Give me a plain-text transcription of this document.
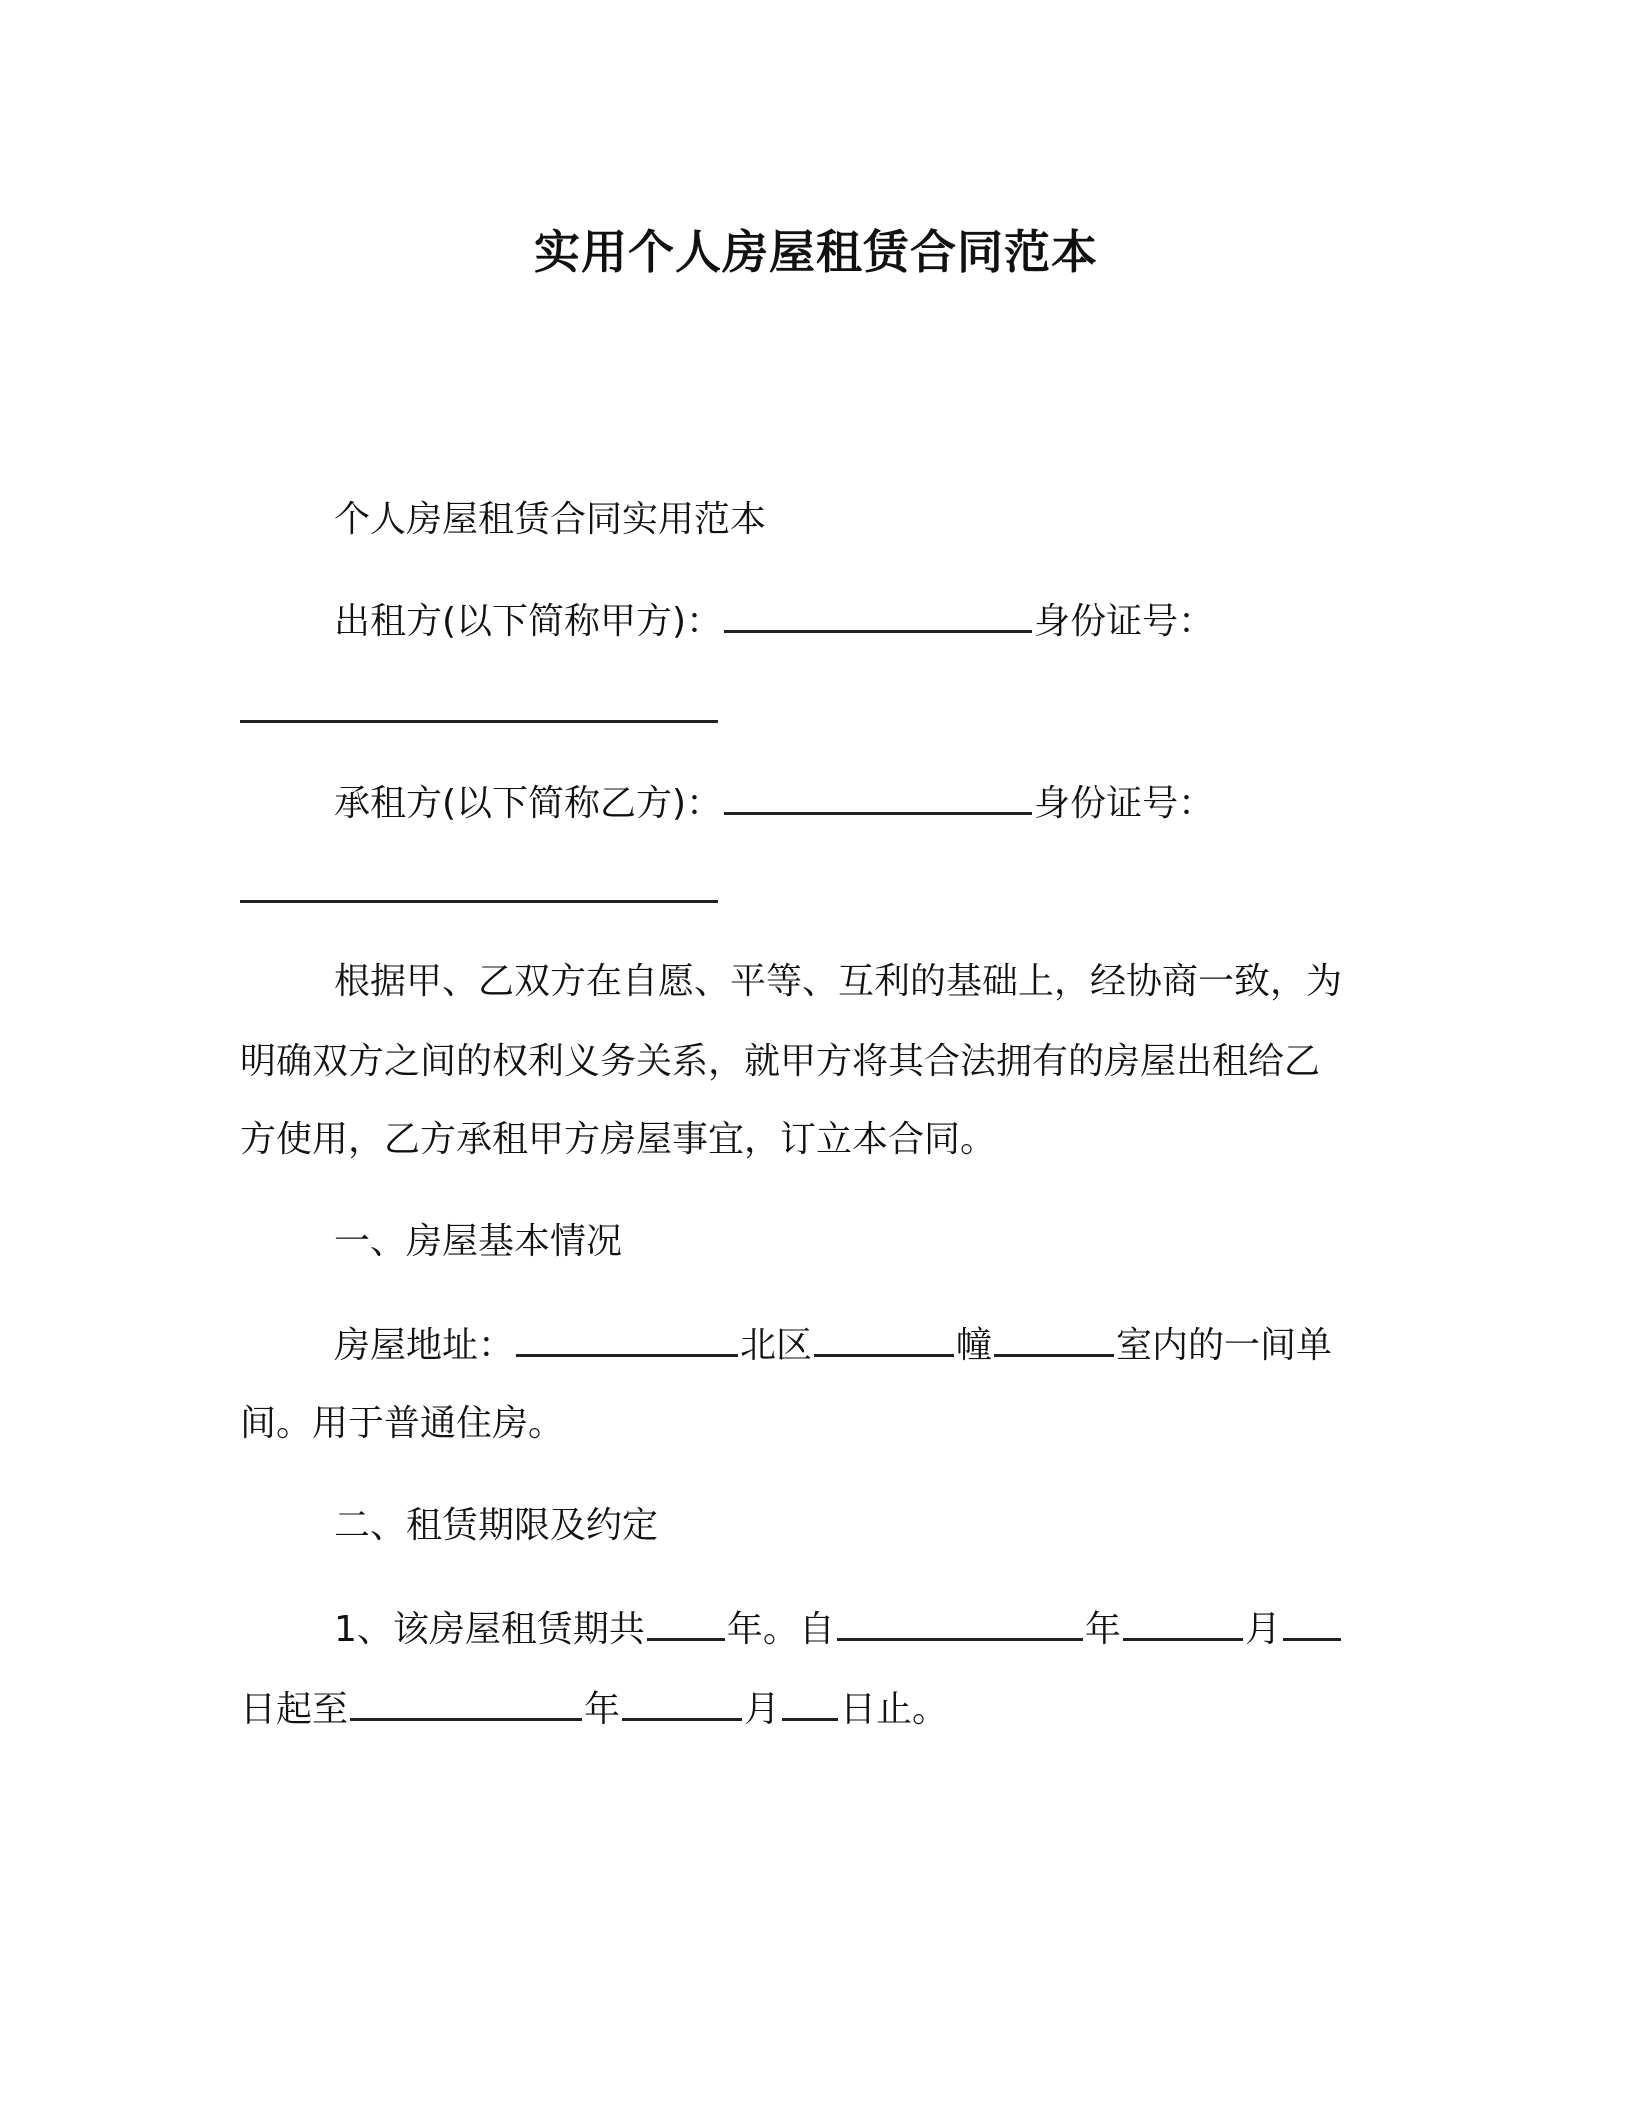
实用个人房屋租赁合同范本
个人房屋租赁合同实用范本
出租方(以下简称甲方)：	身份证号：
承租方(以下简称乙方)：	身份证号：
根据甲、乙双方在自愿、平等、互利的基础上，经协商一致，为
明确双方之间的权利义务关系，就甲方将其合法拥有的房屋出租给乙
方使用，乙方承租甲方房屋事宜，订立本合同。
一、房屋基本情况
房屋地址：	北区	幢	室内的一间单
间。用于普通住房。
二、租赁期限及约定
1、该房屋租赁期共 年。自	年	月
日起至	年	月 日止。
